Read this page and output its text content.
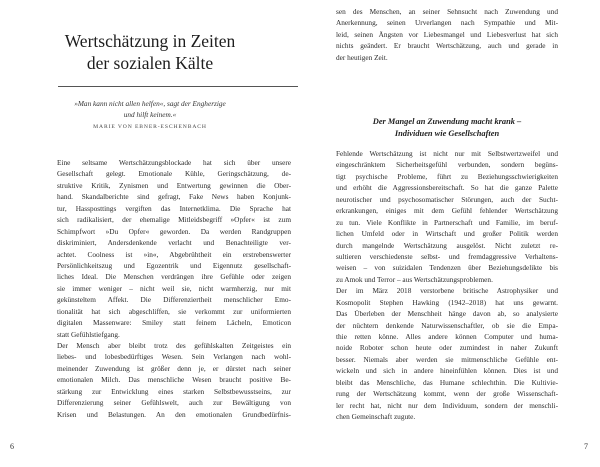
Wertschätzung in Zeiten
der sozialen Kälte
»Man kann nicht allen helfen«, sagt der Engherzige
und hilft keinem.«
MARIE VON EBNER-ESCHENBACH
Eine seltsame Wertschätzungsblockade hat sich über unsere
Gesellschaft gelegt. Emotionale Kühle, Geringschätzung, de-
struktive Kritik, Zynismen und Entwertung gewinnen die Ober-
hand. Skandalberichte sind gefragt, Fake News haben Konjunk-
tur, Hassposttings vergiften das Internetklima. Die Sprache hat
sich radikalisiert, der ehemalige Mitleidsbegriff »Opfer« ist zum
Schimpfwort »Du Opfer« geworden. Da werden Randgruppen
diskriminiert, Andersdenkende verlacht und Benachteiligte ver-
achtet. Coolness ist »in«, Abgebrühtheit ein erstrebenswerter
Persönlichkeitszug und Egozentrik und Eigennutz gesellschaft-
liches Ideal. Die Menschen verdrängen ihre Gefühle oder zeigen
sie immer weniger – nicht weil sie, nicht warmherzig, nur mit
gekünsteltem Affekt. Die Differenziertheit menschlicher Emo-
tionalität hat sich abgeschliffen, sie verkommt zur uniformierten
digitalen Massenware: Smiley statt feinem Lächeln, Emoticon
statt Gefühlstiefgang.
Der Mensch aber bleibt trotz des gefühlskalten Zeitgeistes ein
liebes- und lobesbedürftiges Wesen. Sein Verlangen nach wohl-
meinender Zuwendung ist größer denn je, er dürstet nach seiner
emotionalen Milch. Das menschliche Wesen braucht positive Be-
stärkung zur Entwicklung eines starken Selbstbewusstseins, zur
Differenzierung seiner Gefühlswelt, auch zur Bewältigung von
Krisen und Belastungen. An den emotionalen Grundbedürfnis-
6
sen des Menschen, an seiner Sehnsucht nach Zuwendung und
Anerkennung, seinen Urverlangen nach Sympathie und Mit-
leid, seinen Ängsten vor Liebesmangel und Liebesverlust hat sich
nichts geändert. Er braucht Wertschätzung, auch und gerade in
der heutigen Zeit.
Der Mangel an Zuwendung macht krank –
Individuen wie Gesellschaften
Fehlende Wertschätzung ist nicht nur mit Selbstwertzweifel und
eingeschränktem Sicherheitsgefühl verbunden, sondern begüns-
tigt psychische Probleme, führt zu Beziehungsschwierigkeiten
und erhöht die Aggressionsbereitschaft. So hat die ganze Palette
neurotischer und psychosomatischer Störungen, auch der Sucht-
erkrankungen, einiges mit dem Gefühl fehlender Wertschätzung
zu tun. Viele Konflikte in Partnerschaft und Familie, im beruf-
lichen Umfeld oder in Wirtschaft und großer Politik werden
durch mangelnde Wertschätzung ausgelöst. Nicht zuletzt re-
sultieren verschiedenste selbst- und fremdaggressive Verhaltens-
weisen – von suizidalen Tendenzen über Beziehungsdelikte bis
zu Amok und Terror – aus Wertschätzungsproblemen.
Der im März 2018 verstorbene britische Astrophysiker und
Kosmopolit Stephen Hawking (1942–2018) hat uns gewarnt.
Das Überleben der Menschheit hänge davon ab, so analysierte
der nüchtern denkende Naturwissenschaftler, ob sie die Empa-
thie retten könne. Alles andere können Computer und huma-
noide Roboter schon heute oder zumindest in naher Zukunft
besser. Niemals aber werden sie mitmenschliche Gefühle ent-
wickeln und sich in andere hineinfühlen können. Dies ist und
bleibt das Menschliche, das Humane schlechthin. Die Kultivie-
rung der Wertschätzung kommt, wenn der große Wissenschaft-
ler recht hat, nicht nur dem Individuum, sondern der menschli-
chen Gemeinschaft zugute.
7
